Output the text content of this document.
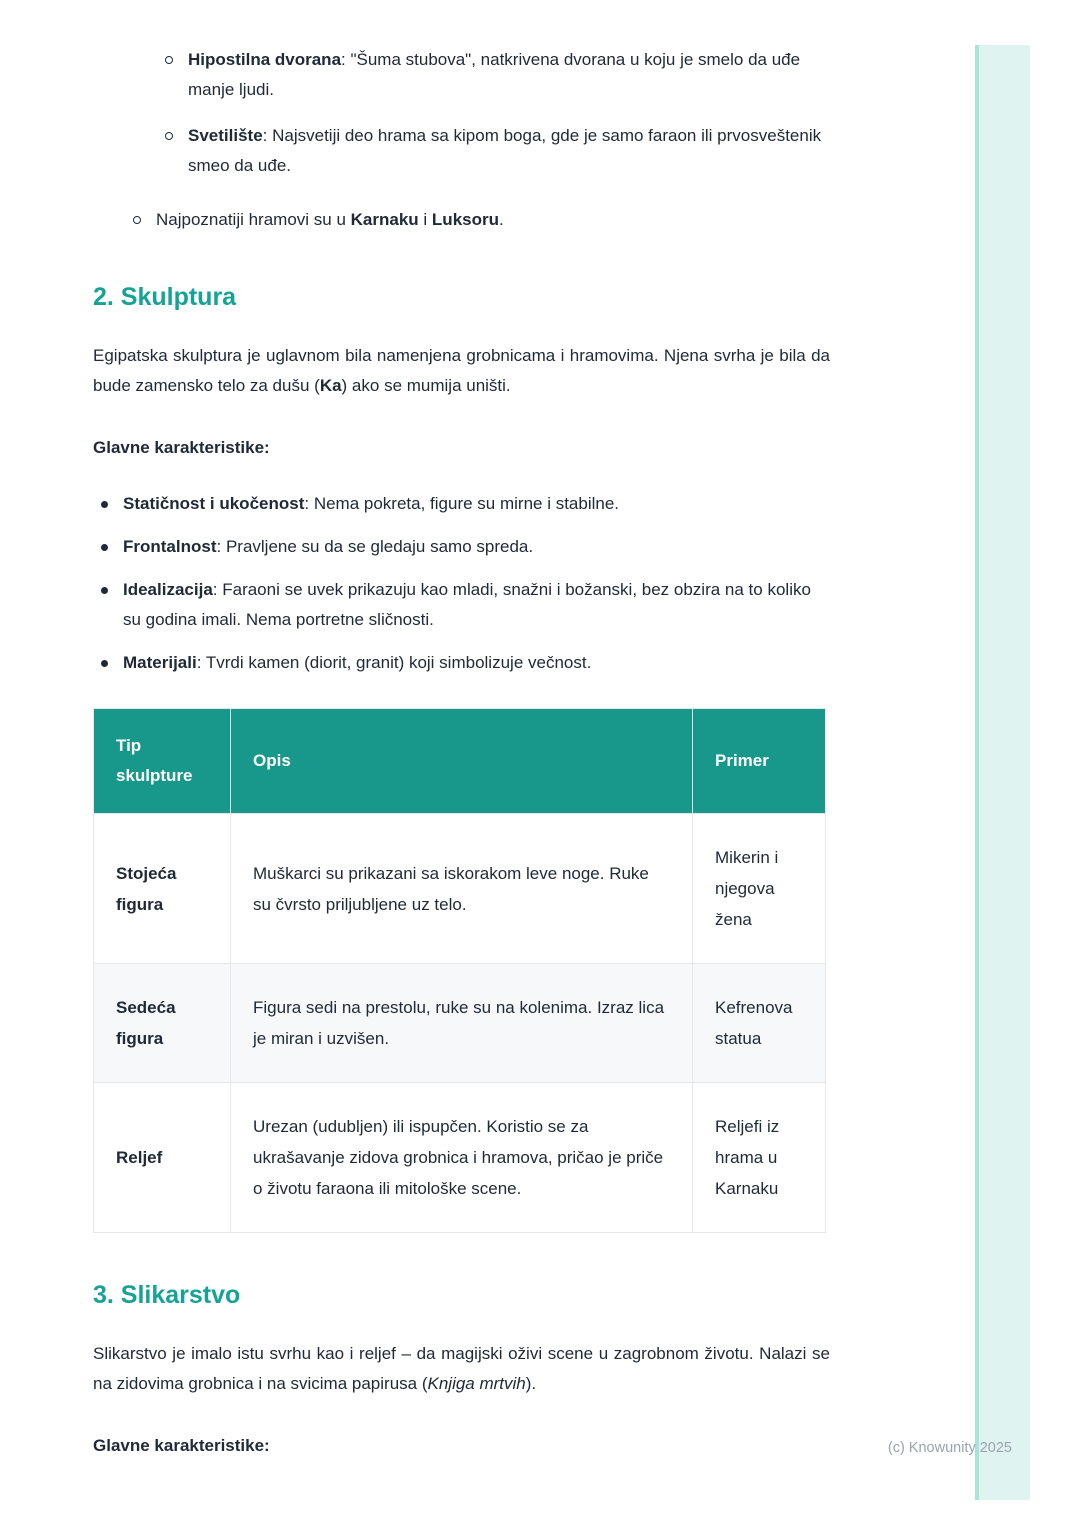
Hipostilna dvorana: "Šuma stubova", natkrivena dvorana u koju je smelo da uđe manje ljudi.

Svetilište: Najsvetiji deo hrama sa kipom boga, gde je samo faraon ili prvosveštenik smeo da uđe.

Najpoznatiji hramovi su u Karnaku i Luksoru.

2. Skulptura

Egipatska skulptura je uglavnom bila namenjena grobnicama i hramovima. Njena svrha je bila da bude zamensko telo za dušu (Ka) ako se mumija uništi.

Glavne karakteristike:

Statičnost i ukočenost: Nema pokreta, figure su mirne i stabilne.

Frontalnost: Pravljene su da se gledaju samo spreda.

Idealizacija: Faraoni se uvek prikazuju kao mladi, snažni i božanski, bez obzira na to koliko su godina imali. Nema portretne sličnosti.

Materijali: Tvrdi kamen (diorit, granit) koji simbolizuje večnost.

Tip skulpture	Opis	Primer
Stojeća figura	Muškarci su prikazani sa iskorakom leve noge. Ruke su čvrsto priljubljene uz telo.	Mikerin i njegova žena
Sedeća figura	Figura sedi na prestolu, ruke su na kolenima. Izraz lica je miran i uzvišen.	Kefrenova statua
Reljef	Urezan (udubljen) ili ispupčen. Koristio se za ukrašavanje zidova grobnica i hramova, pričao je priče o životu faraona ili mitološke scene.	Reljefi iz hrama u Karnaku
3. Slikarstvo

Slikarstvo je imalo istu svrhu kao i reljef – da magijski oživi scene u zagrobnom životu. Nalazi se na zidovima grobnica i na svicima papirusa (Knjiga mrtvih).

Glavne karakteristike:	(c) Knowunity 2025
